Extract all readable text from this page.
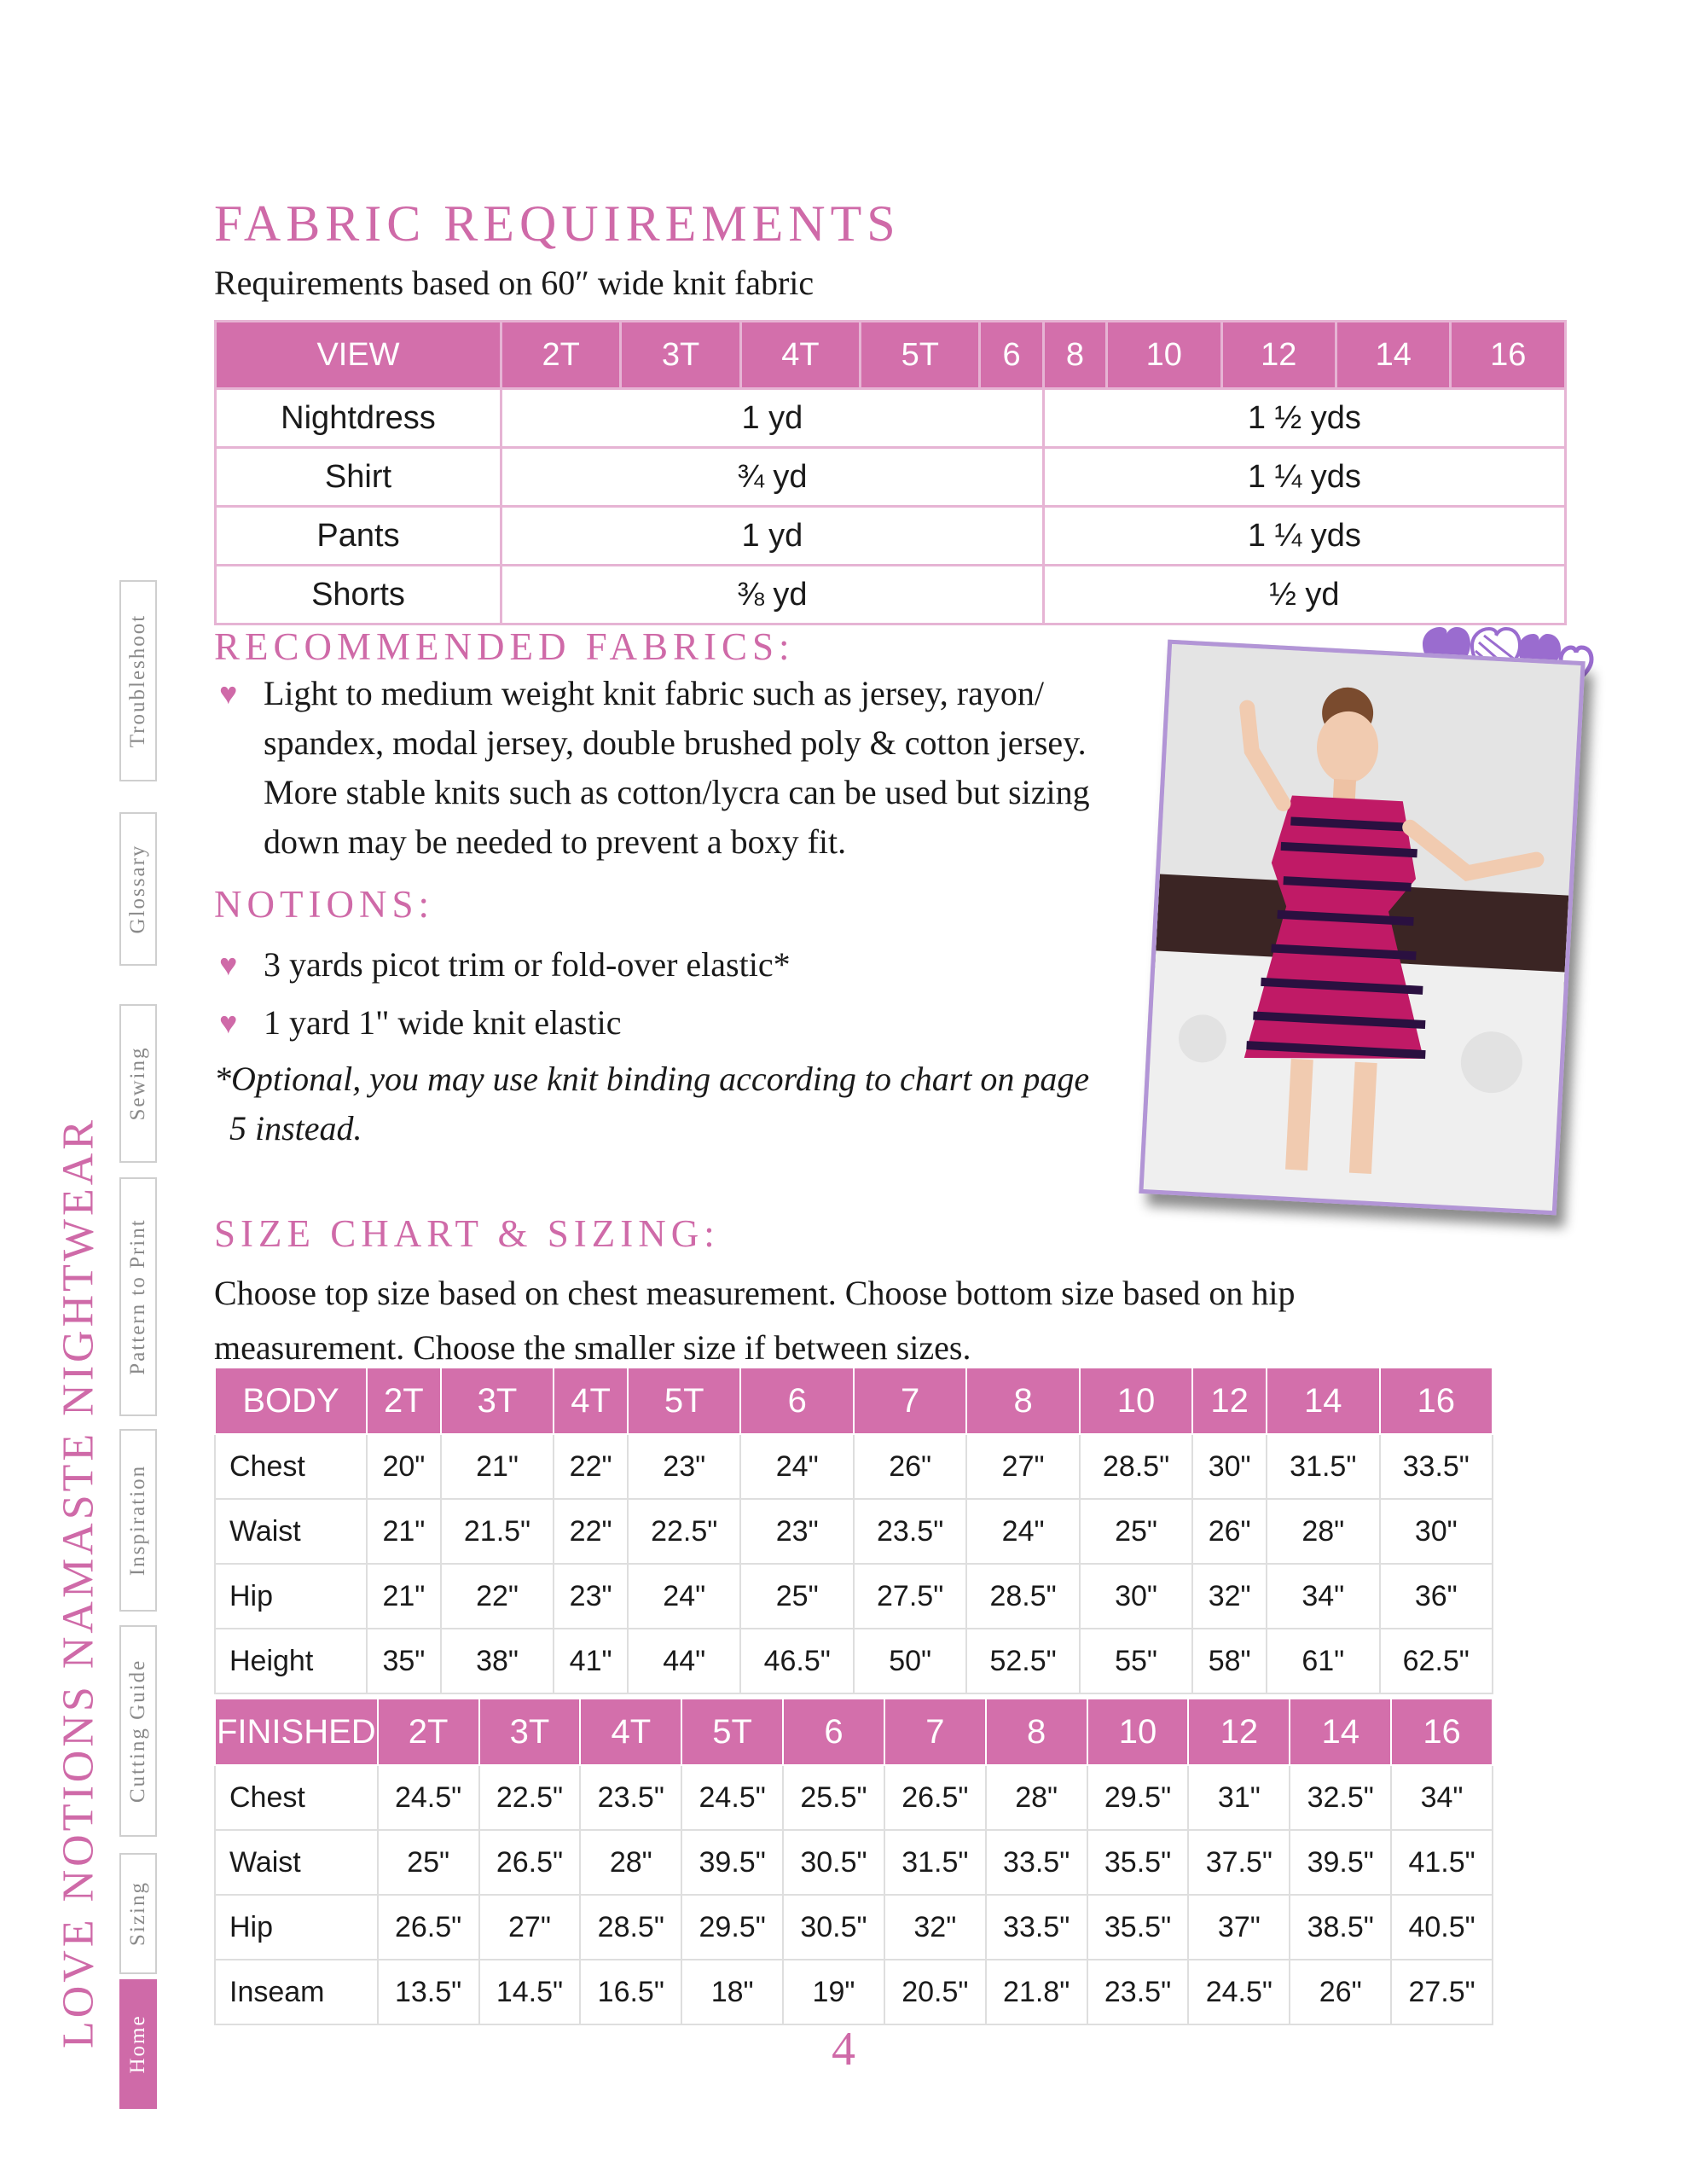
LOVE NOTIONS NAMASTE NIGHTWEAR
Troubleshoot
Glossary
Sewing
Pattern to Print
Inspiration
Cutting Guide
Sizing
Home
FABRIC REQUIREMENTS

Requirements based on 60″ wide knit fabric

VIEW	2T	3T	4T	5T	6	8	10	12	14	16
Nightdress	1 yd					1 ½ yds				
Shirt	¾ yd					1 ¼ yds				
Pants	1 yd					1 ¼ yds				
Shorts	⅜ yd					½ yd				
RECOMMENDED FABRICS:
♥ Light to medium weight knit fabric such as jersey, rayon/
spandex, modal jersey, double brushed poly & cotton jersey.
More stable knits such as cotton/lycra can be used but sizing
down may be needed to prevent a boxy fit.
NOTIONS:
♥ 3 yards picot trim or fold-over elastic*
♥ 1 yard 1" wide knit elastic
*Optional, you may use knit binding according to chart on page
5 instead.
SIZE CHART & SIZING:
Choose top size based on chest measurement. Choose bottom size based on hip
measurement. Choose the smaller size if between sizes.
BODY	2T	3T	4T	5T	6	7	8	10	12	14	16
Chest	20"	21"	22"	23"	24"	26"	27"	28.5"	30"	31.5"	33.5"
Waist	21"	21.5"	22"	22.5"	23"	23.5"	24"	25"	26"	28"	30"
Hip	21"	22"	23"	24"	25"	27.5"	28.5"	30"	32"	34"	36"
Height	35"	38"	41"	44"	46.5"	50"	52.5"	55"	58"	61"	62.5"
FINISHED	2T	3T	4T	5T	6	7	8	10	12	14	16
Chest	24.5"	22.5"	23.5"	24.5"	25.5"	26.5"	28"	29.5"	31"	32.5"	34"
Waist	25"	26.5"	28"	39.5"	30.5"	31.5"	33.5"	35.5"	37.5"	39.5"	41.5"
Hip	26.5"	27"	28.5"	29.5"	30.5"	32"	33.5"	35.5"	37"	38.5"	40.5"
Inseam	13.5"	14.5"	16.5"	18"	19"	20.5"	21.8"	23.5"	24.5"	26"	27.5"
4
